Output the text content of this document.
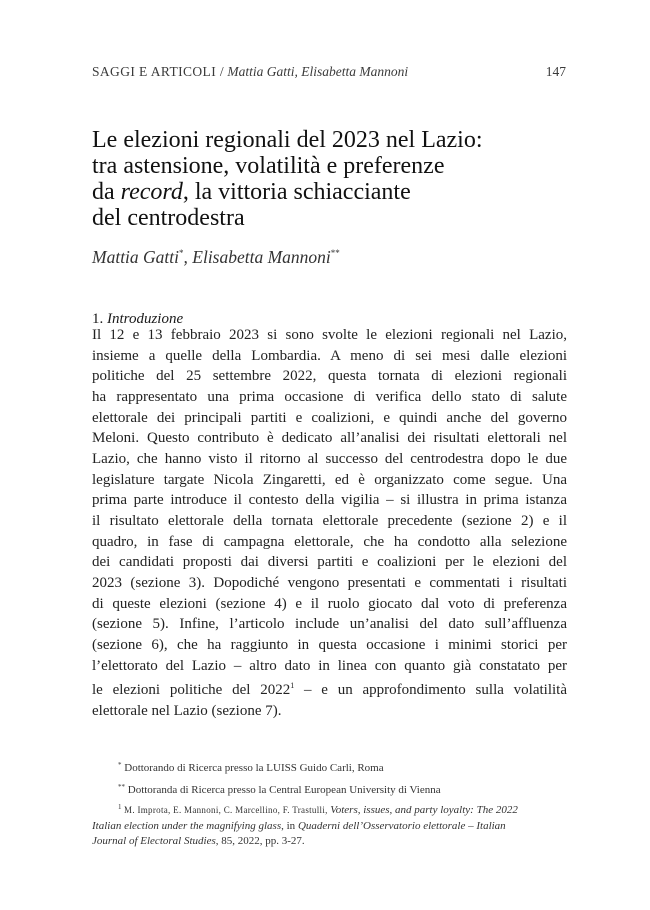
SAGGI E ARTICOLI / Mattia Gatti, Elisabetta Mannoni	147
Le elezioni regionali del 2023 nel Lazio:
tra astensione, volatilità e preferenze
da record, la vittoria schiacciante
del centrodestra
Mattia Gatti*, Elisabetta Mannoni**
1. Introduzione
Il 12 e 13 febbraio 2023 si sono svolte le elezioni regionali nel Lazio,
insieme a quelle della Lombardia. A meno di sei mesi dalle elezioni
politiche del 25 settembre 2022, questa tornata di elezioni regionali
ha rappresentato una prima occasione di verifica dello stato di salute
elettorale dei principali partiti e coalizioni, e quindi anche del governo
Meloni. Questo contributo è dedicato all’analisi dei risultati elettorali nel
Lazio, che hanno visto il ritorno al successo del centrodestra dopo le due
legislature targate Nicola Zingaretti, ed è organizzato come segue. Una
prima parte introduce il contesto della vigilia – si illustra in prima istanza
il risultato elettorale della tornata elettorale precedente (sezione 2) e il
quadro, in fase di campagna elettorale, che ha condotto alla selezione
dei candidati proposti dai diversi partiti e coalizioni per le elezioni del
2023 (sezione 3). Dopodiché vengono presentati e commentati i risultati
di queste elezioni (sezione 4) e il ruolo giocato dal voto di preferenza
(sezione 5). Infine, l’articolo include un’analisi del dato sull’affluenza
(sezione 6), che ha raggiunto in questa occasione i minimi storici per
l’elettorato del Lazio – altro dato in linea con quanto già constatato per
le elezioni politiche del 2022$^1$ – e un approfondimento sulla volatilità
elettorale nel Lazio (sezione 7).
* Dottorando di Ricerca presso la LUISS Guido Carli, Roma
** Dottoranda di Ricerca presso la Central European University di Vienna
$^1$ M. Improta, E. Mannoni, C. Marcellino, F. Trastulli, Voters, issues, and party loyalty: The 2022
Italian election under the magnifying glass, in Quaderni dell’Osservatorio elettorale – Italian
Journal of Electoral Studies, 85, 2022, pp. 3-27.
